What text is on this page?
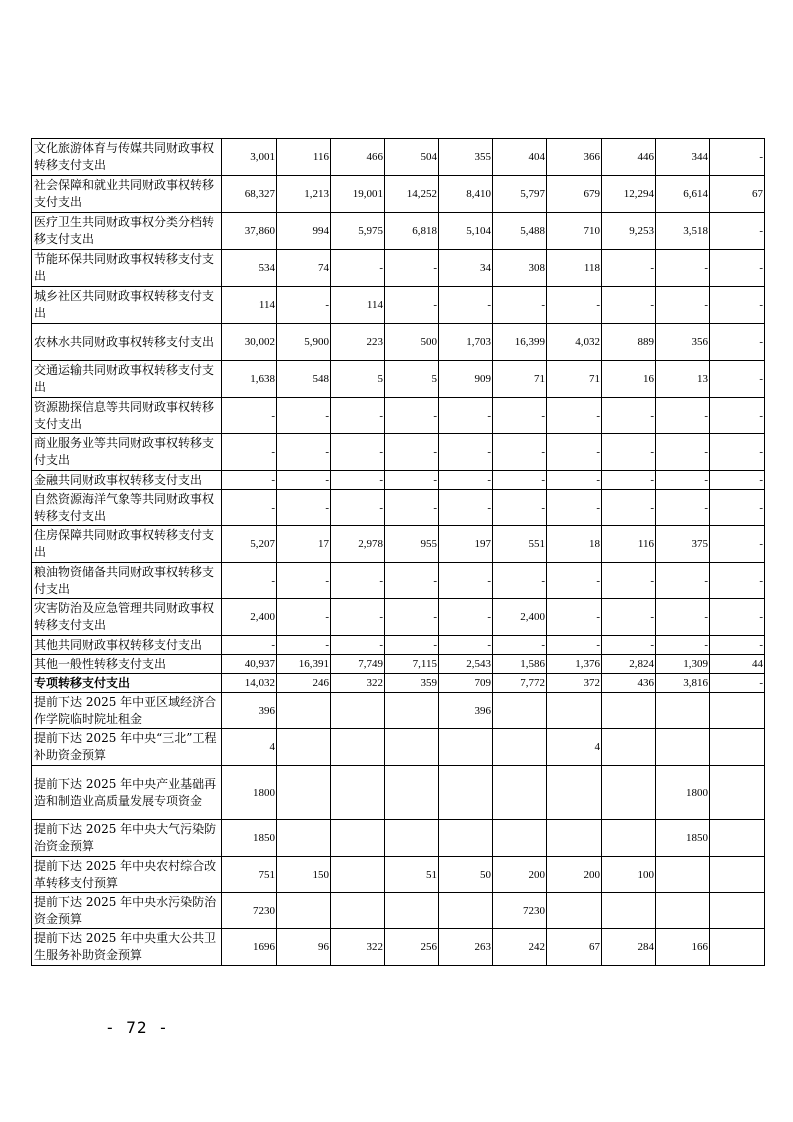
文化旅游体育与传媒共同财政事权转移支付支出	3,001	116	466	504	355	404	366	446	344	-
社会保障和就业共同财政事权转移支付支出	68,327	1,213	19,001	14,252	8,410	5,797	679	12,294	6,614	67
医疗卫生共同财政事权分类分档转移支付支出	37,860	994	5,975	6,818	5,104	5,488	710	9,253	3,518	-
节能环保共同财政事权转移支付支出	534	74	-	-	34	308	118	-	-	-
城乡社区共同财政事权转移支付支出	114	-	114	-	-	-	-	-	-	-
农林水共同财政事权转移支付支出	30,002	5,900	223	500	1,703	16,399	4,032	889	356	-
交通运输共同财政事权转移支付支出	1,638	548	5	5	909	71	71	16	13	-
资源勘探信息等共同财政事权转移支付支出	-	-	-	-	-	-	-	-	-	-
商业服务业等共同财政事权转移支付支出	-	-	-	-	-	-	-	-	-	-
金融共同财政事权转移支付支出	-	-	-	-	-	-	-	-	-	-
自然资源海洋气象等共同财政事权转移支付支出	-	-	-	-	-	-	-	-	-	-
住房保障共同财政事权转移支付支出	5,207	17	2,978	955	197	551	18	116	375	-
粮油物资储备共同财政事权转移支付支出	-	-	-	-	-	-	-	-	-	-
灾害防治及应急管理共同财政事权转移支付支出	2,400	-	-	-	-	2,400	-	-	-	-
其他共同财政事权转移支付支出	-	-	-	-	-	-	-	-	-	-
其他一般性转移支付支出	40,937	16,391	7,749	7,115	2,543	1,586	1,376	2,824	1,309	44
专项转移支付支出	14,032	246	322	359	709	7,772	372	436	3,816	-
提前下达 2025 年中亚区域经济合作学院临时院址租金	396				396					
提前下达 2025 年中央“三北”工程补助资金预算	4						4			
提前下达 2025 年中央产业基础再造和制造业高质量发展专项资金	1800								1800	
提前下达 2025 年中央大气污染防治资金预算	1850								1850	
提前下达 2025 年中央农村综合改革转移支付预算	751	150		51	50	200	200	100		
提前下达 2025 年中央水污染防治资金预算	7230					7230				
提前下达 2025 年中央重大公共卫生服务补助资金预算	1696	96	322	256	263	242	67	284	166	
- 72 -
